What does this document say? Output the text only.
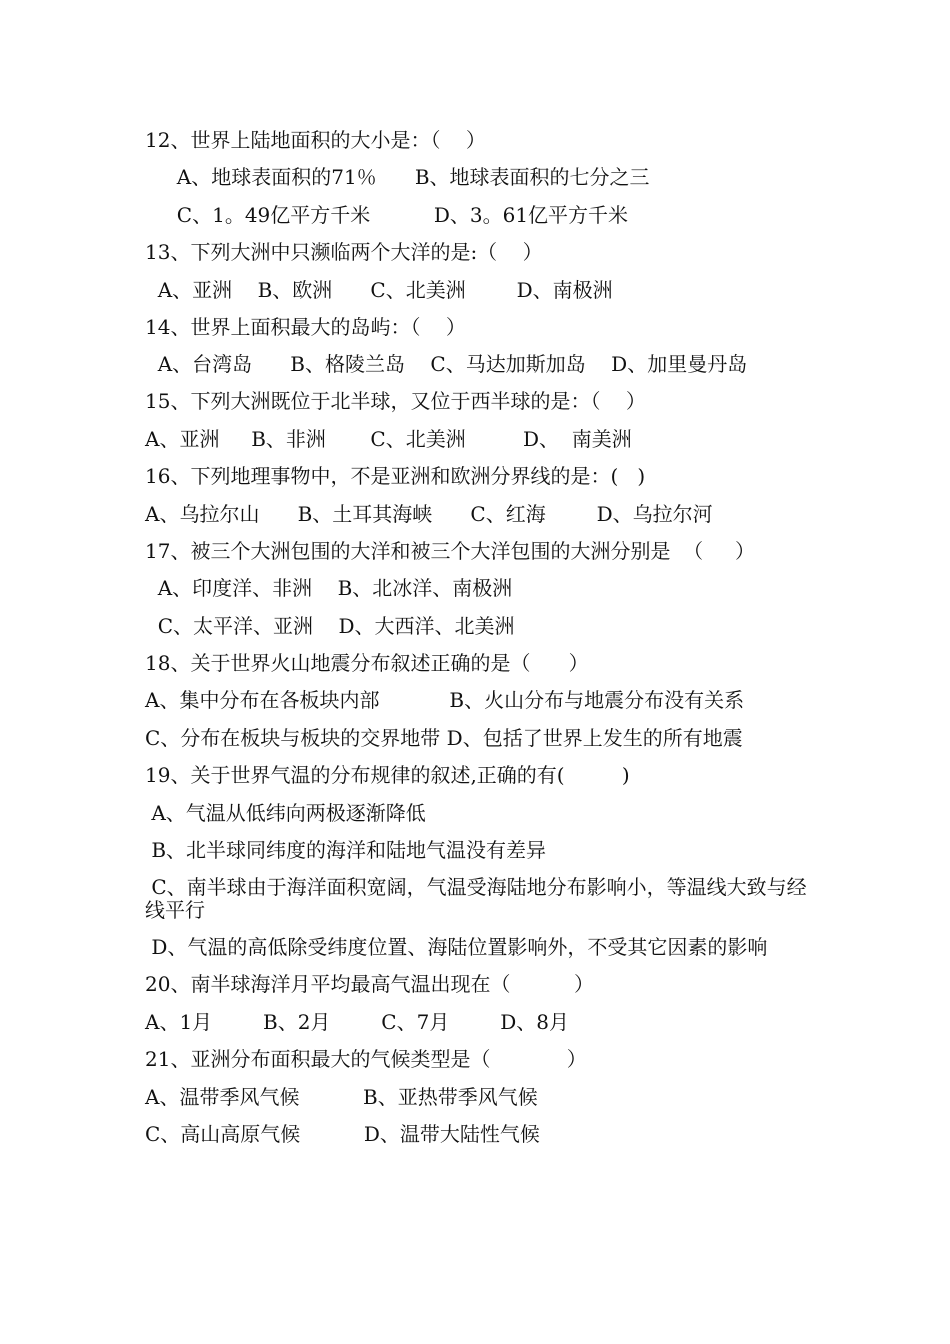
12、世界上陆地面积的大小是：（    ）
A、地球表面积的71％      B、地球表面积的七分之三
C、1。49亿平方千米          D、3。61亿平方千米
13、下列大洲中只濒临两个大洋的是:（    ）
A、亚洲    B、欧洲      C、北美洲        D、南极洲
14、世界上面积最大的岛屿：（    ）
A、台湾岛      B、格陵兰岛    C、马达加斯加岛    D、加里曼丹岛
15、下列大洲既位于北半球，又位于西半球的是：（    ）
A、亚洲     B、非洲       C、北美洲         D、  南美洲
16、下列地理事物中，不是亚洲和欧洲分界线的是：(   )
A、乌拉尔山      B、土耳其海峡      C、红海        D、乌拉尔河
17、被三个大洲包围的大洋和被三个大洋包围的大洲分别是  （     ）
A、印度洋、非洲    B、北冰洋、南极洲
C、太平洋、亚洲    D、大西洋、北美洲
18、关于世界火山地震分布叙述正确的是（      ）
A、集中分布在各板块内部           B、火山分布与地震分布没有关系
C、分布在板块与板块的交界地带 D、包括了世界上发生的所有地震
19、关于世界气温的分布规律的叙述,正确的有(         )
A、气温从低纬向两极逐渐降低
B、北半球同纬度的海洋和陆地气温没有差异
C、南半球由于海洋面积宽阔，气温受海陆地分布影响小，等温线大致与经线平行
D、气温的高低除受纬度位置、海陆位置影响外，不受其它因素的影响
20、南半球海洋月平均最高气温出现在（          ）
A、1月        B、2月        C、7月        D、8月
21、亚洲分布面积最大的气候类型是（            ）
A、温带季风气候          B、亚热带季风气候
C、高山高原气候          D、温带大陆性气候
